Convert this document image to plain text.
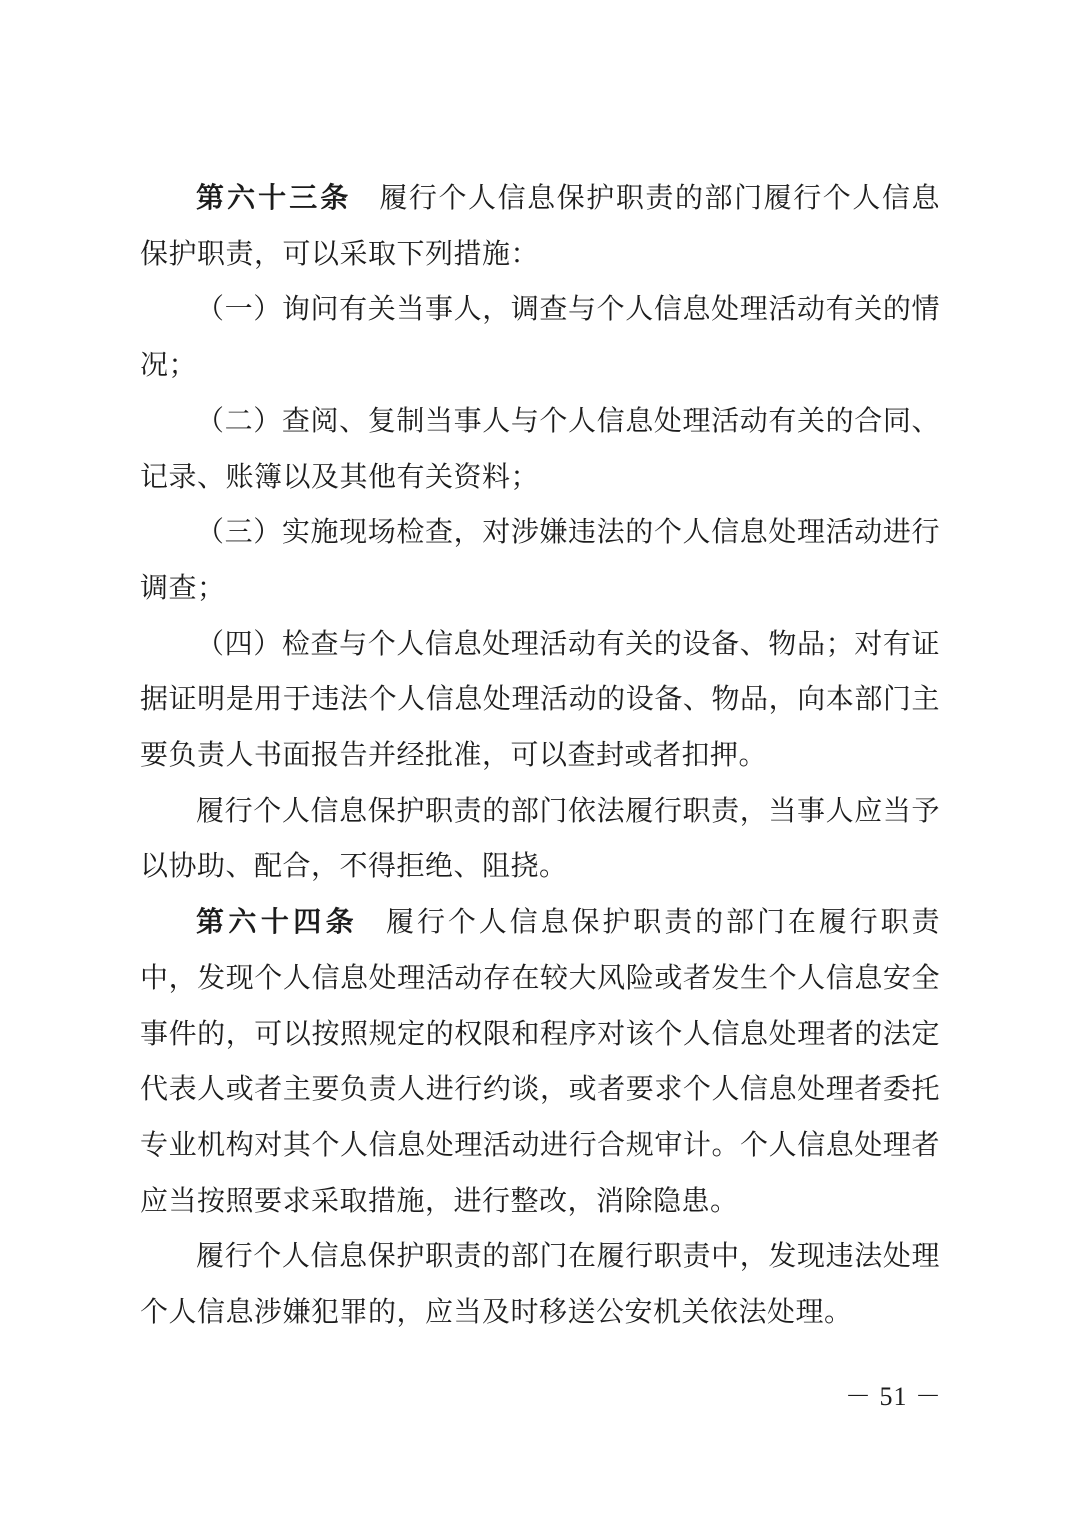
第六十三条 履行个人信息保护职责的部门履行个人信息保护职责，可以采取下列措施：

（一）询问有关当事人，调查与个人信息处理活动有关的情况；

（二）查阅、复制当事人与个人信息处理活动有关的合同、记录、账簿以及其他有关资料；

（三）实施现场检查，对涉嫌违法的个人信息处理活动进行调查；

（四）检查与个人信息处理活动有关的设备、物品；对有证据证明是用于违法个人信息处理活动的设备、物品，向本部门主要负责人书面报告并经批准，可以查封或者扣押。

履行个人信息保护职责的部门依法履行职责，当事人应当予以协助、配合，不得拒绝、阻挠。

第六十四条 履行个人信息保护职责的部门在履行职责中，发现个人信息处理活动存在较大风险或者发生个人信息安全事件的，可以按照规定的权限和程序对该个人信息处理者的法定代表人或者主要负责人进行约谈，或者要求个人信息处理者委托专业机构对其个人信息处理活动进行合规审计。个人信息处理者应当按照要求采取措施，进行整改，消除隐患。

履行个人信息保护职责的部门在履行职责中，发现违法处理个人信息涉嫌犯罪的，应当及时移送公安机关依法处理。

－ 51 －
